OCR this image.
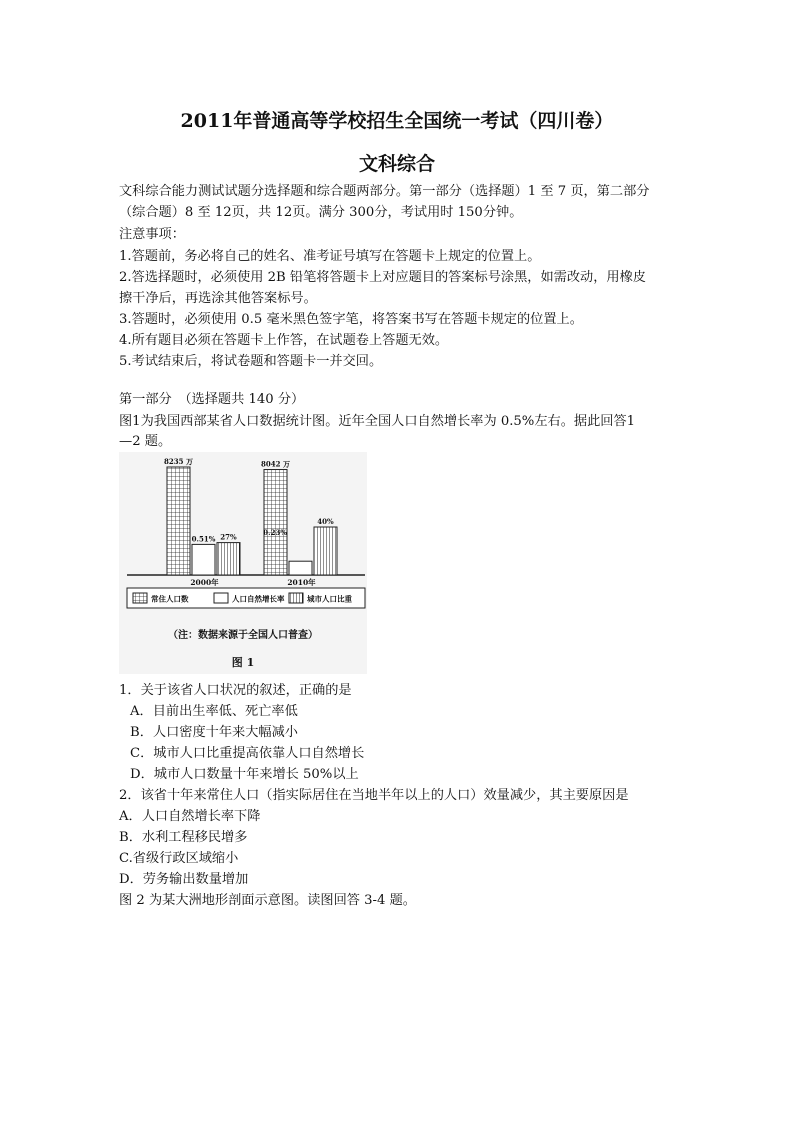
2011年普通高等学校招生全国统一考试（四川卷）
文科综合
文科综合能力测试试题分选择题和综合题两部分。第一部分（选择题）1 至 7 页，第二部分
（综合题）8 至 12页，共 12页。满分 300分，考试用时 150分钟。
注意事项：
1.答题前，务必将自己的姓名、准考证号填写在答题卡上规定的位置上。
2.答选择题时，必须使用 2B 铅笔将答题卡上对应题目的答案标号涂黑，如需改动，用橡皮
擦干净后，再选涂其他答案标号。
3.答题时，必须使用 0.5 毫米黑色签字笔，将答案书写在答题卡规定的位置上。
4.所有题目必须在答题卡上作答，在试题卷上答题无效。
5.考试结束后，将试卷题和答题卡一并交回。
第一部分　（选择题共 140 分）
图1为我国西部某省人口数据统计图。近年全国人口自然增长率为 0.5%左右。据此回答1
—2 题。
8235 万
0.51% 27%
2000年
8042 万
0.23%
40%
2010年
常住人口数	人口自然增长率	城市人口比重
（注：数据来源于全国人口普查）
图 1
1．关于该省人口状况的叙述，正确的是
A．目前出生率低、死亡率低
B．人口密度十年来大幅减小
C．城市人口比重提高依靠人口自然增长
D．城市人口数量十年来增长 50%以上
2．该省十年来常住人口（指实际居住在当地半年以上的人口）效量减少，其主要原因是
A．人口自然增长率下降
B．水利工程移民增多
C.省级行政区域缩小
D．劳务输出数量增加
图 2 为某大洲地形剖面示意图。读图回答 3-4 题。
